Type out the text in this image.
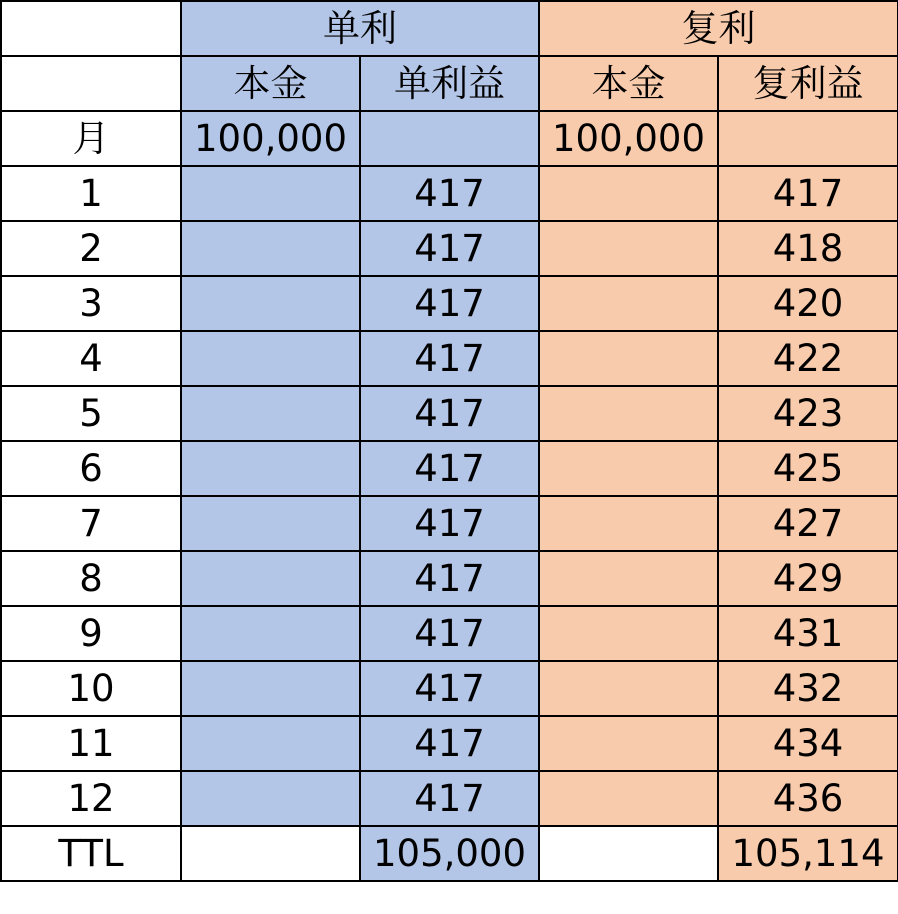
	单利		复利	
	本金	单利益	本金	复利益
月	100,000		100,000	
1		417		417
2		417		418
3		417		420
4		417		422
5		417		423
6		417		425
7		417		427
8		417		429
9		417		431
10		417		432
11		417		434
12		417		436
TTL		105,000		105,114
